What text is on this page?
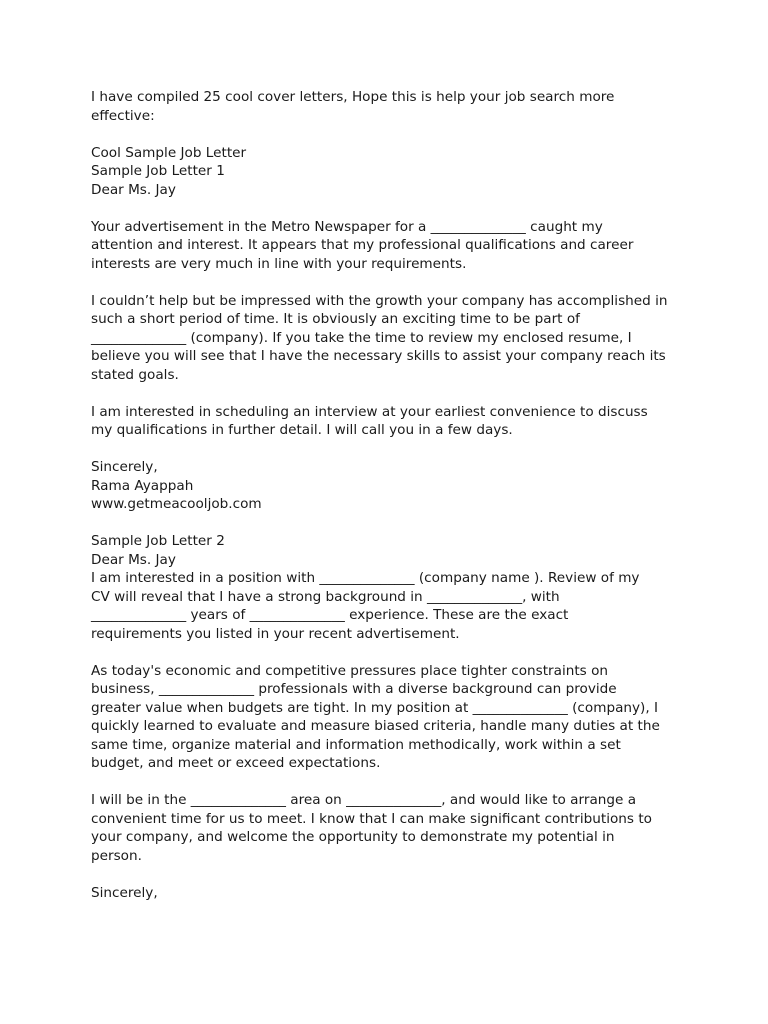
I have compiled 25 cool cover letters, Hope this is help your job search more
effective:
Cool Sample Job Letter
Sample Job Letter 1
Dear Ms. Jay
Your advertisement in the Metro Newspaper for a ______________ caught my
attention and interest. It appears that my professional qualifications and career
interests are very much in line with your requirements.
I couldn’t help but be impressed with the growth your company has accomplished in
such a short period of time. It is obviously an exciting time to be part of
______________ (company). If you take the time to review my enclosed resume, I
believe you will see that I have the necessary skills to assist your company reach its
stated goals.
I am interested in scheduling an interview at your earliest convenience to discuss
my qualifications in further detail. I will call you in a few days.
Sincerely,
Rama Ayappah
www.getmeacooljob.com
Sample Job Letter 2
Dear Ms. Jay
I am interested in a position with ______________ (company name ). Review of my
CV will reveal that I have a strong background in ______________, with
______________ years of ______________ experience. These are the exact
requirements you listed in your recent advertisement.
As today's economic and competitive pressures place tighter constraints on
business, ______________ professionals with a diverse background can provide
greater value when budgets are tight. In my position at ______________ (company), I
quickly learned to evaluate and measure biased criteria, handle many duties at the
same time, organize material and information methodically, work within a set
budget, and meet or exceed expectations.
I will be in the ______________ area on ______________, and would like to arrange a
convenient time for us to meet. I know that I can make significant contributions to
your company, and welcome the opportunity to demonstrate my potential in
person.
Sincerely,
